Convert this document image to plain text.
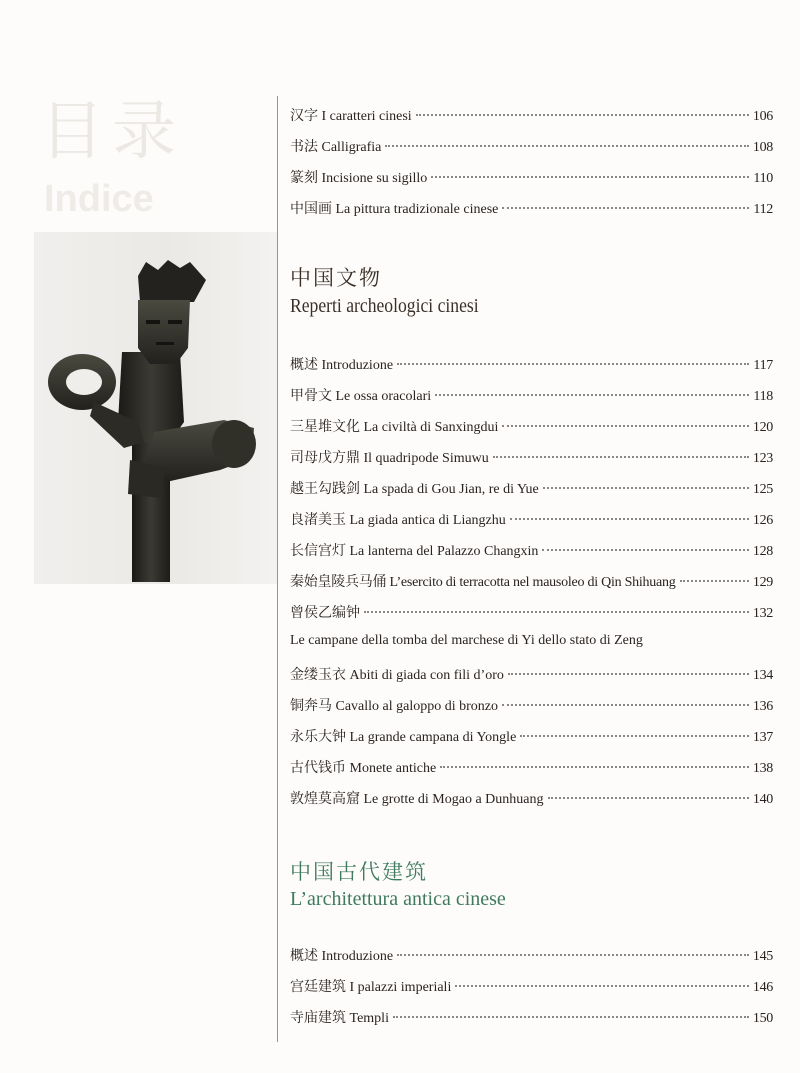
目录
Indice
汉字 I caratteri cinesi	106
书法 Calligrafia	108
篆刻 Incisione su sigillo	110
中国画 La pittura tradizionale cinese	112
中国文物
Reperti archeologici cinesi
概述 Introduzione	117
甲骨文 Le ossa oracolari	118
三星堆文化 La civiltà di Sanxingdui	120
司母戊方鼎 Il quadripode Simuwu	123
越王勾践剑 La spada di Gou Jian, re di Yue	125
良渚美玉 La giada antica di Liangzhu	126
长信宫灯 La lanterna del Palazzo Changxin	128
秦始皇陵兵马俑 L’esercito di terracotta nel mausoleo di Qin Shihuang	129
曾侯乙编钟	132
Le campane della tomba del marchese di Yi dello stato di Zeng
金缕玉衣 Abiti di giada con fili d’oro	134
铜奔马 Cavallo al galoppo di bronzo	136
永乐大钟 La grande campana di Yongle	137
古代钱币 Monete antiche	138
敦煌莫高窟 Le grotte di Mogao a Dunhuang	140
中国古代建筑
L’architettura antica cinese
概述 Introduzione	145
宫廷建筑 I palazzi imperiali	146
寺庙建筑 Templi	150
